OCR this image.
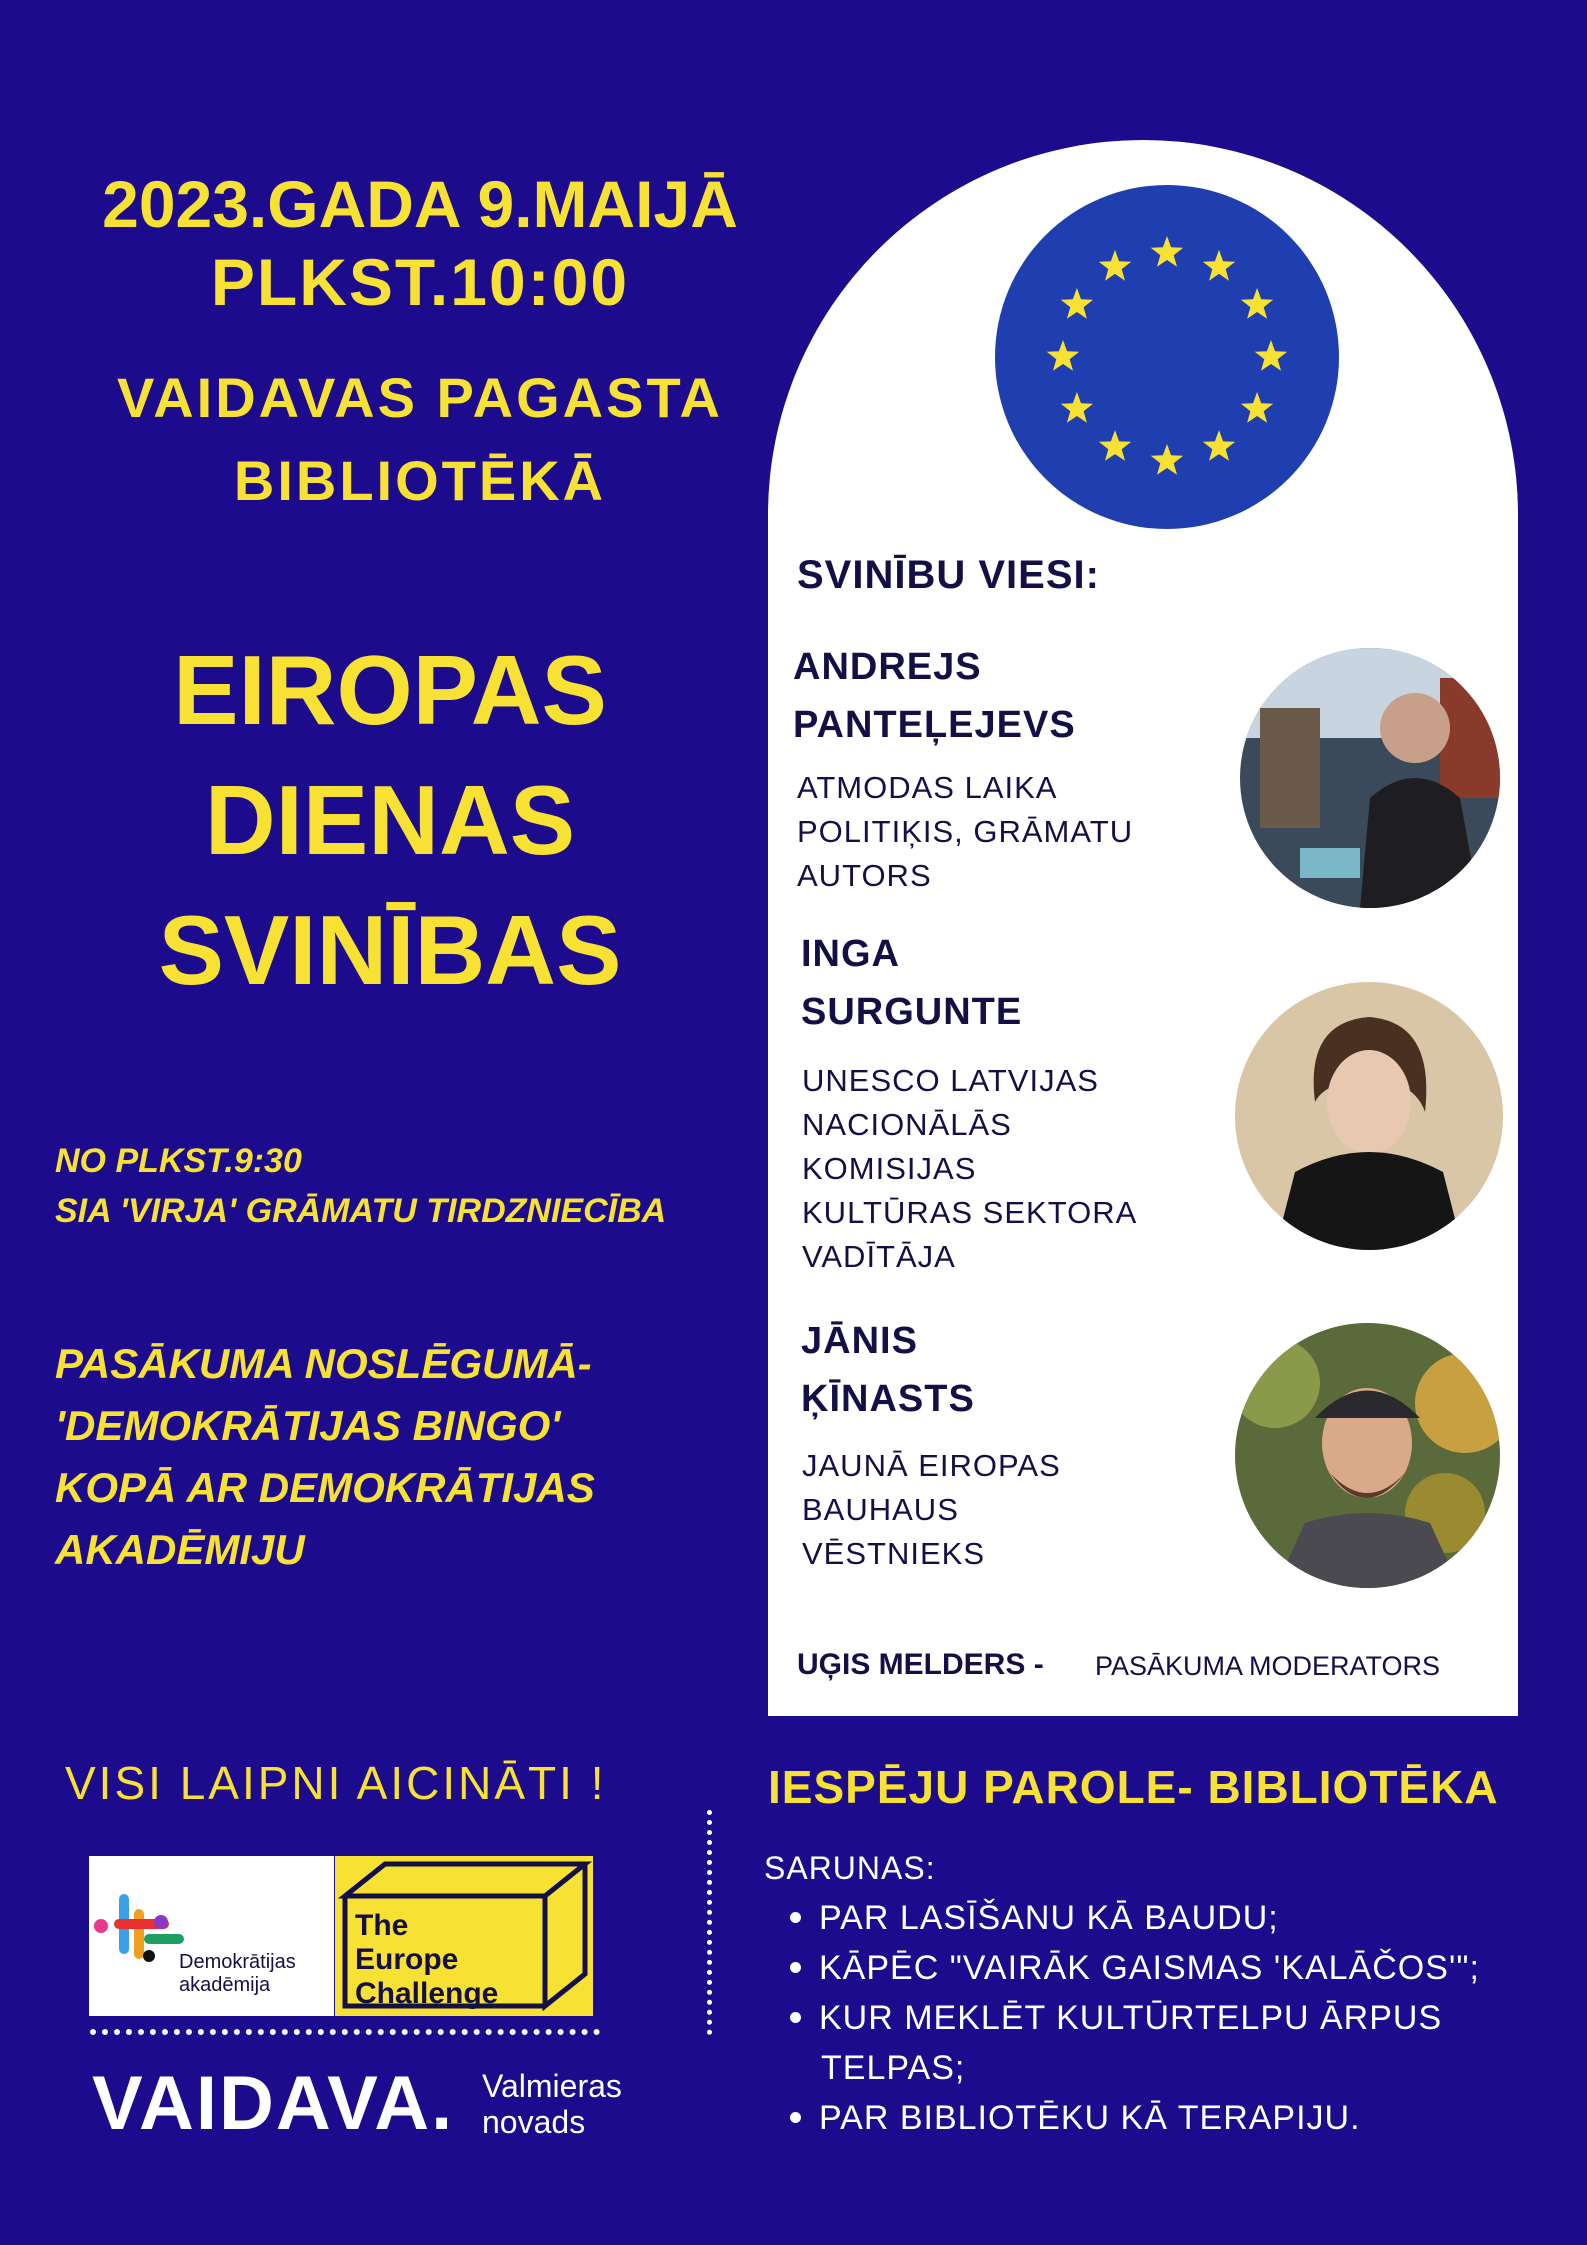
2023.GADA 9.MAIJĀ
PLKST.10:00
VAIDAVAS PAGASTA
BIBLIOTĒKĀ
EIROPAS
DIENAS
SVINĪBAS
NO PLKST.9:30
SIA 'VIRJA' GRĀMATU TIRDZNIECĪBA
PASĀKUMA NOSLĒGUMĀ-
'DEMOKRĀTIJAS BINGO'
KOPĀ AR DEMOKRĀTIJAS
AKADĒMIJU
SVINĪBU VIESI:
ANDREJS
PANTEĻEJEVS
ATMODAS LAIKA
POLITIĶIS, GRĀMATU
AUTORS
INGA
SURGUNTE
UNESCO LATVIJAS
NACIONĀLĀS
KOMISIJAS
KULTŪRAS SEKTORA
VADĪTĀJA
JĀNIS
ĶĪNASTS
JAUNĀ EIROPAS
BAUHAUS
VĒSTNIEKS
UĢIS MELDERS - PASĀKUMA MODERATORS
VISI LAIPNI AICINĀTI !
Demokrātijas
akadēmija
The
Europe
Challenge
VAIDAVA. Valmieras
novads
IESPĒJU PAROLE- BIBLIOTĒKA
SARUNAS:
PAR LASĪŠANU KĀ BAUDU;
KĀPĒC "VAIRĀK GAISMAS 'KALĀČOS'";
KUR MEKLĒT KULTŪRTELPU ĀRPUS
TELPAS;
PAR BIBLIOTĒKU KĀ TERAPIJU.
